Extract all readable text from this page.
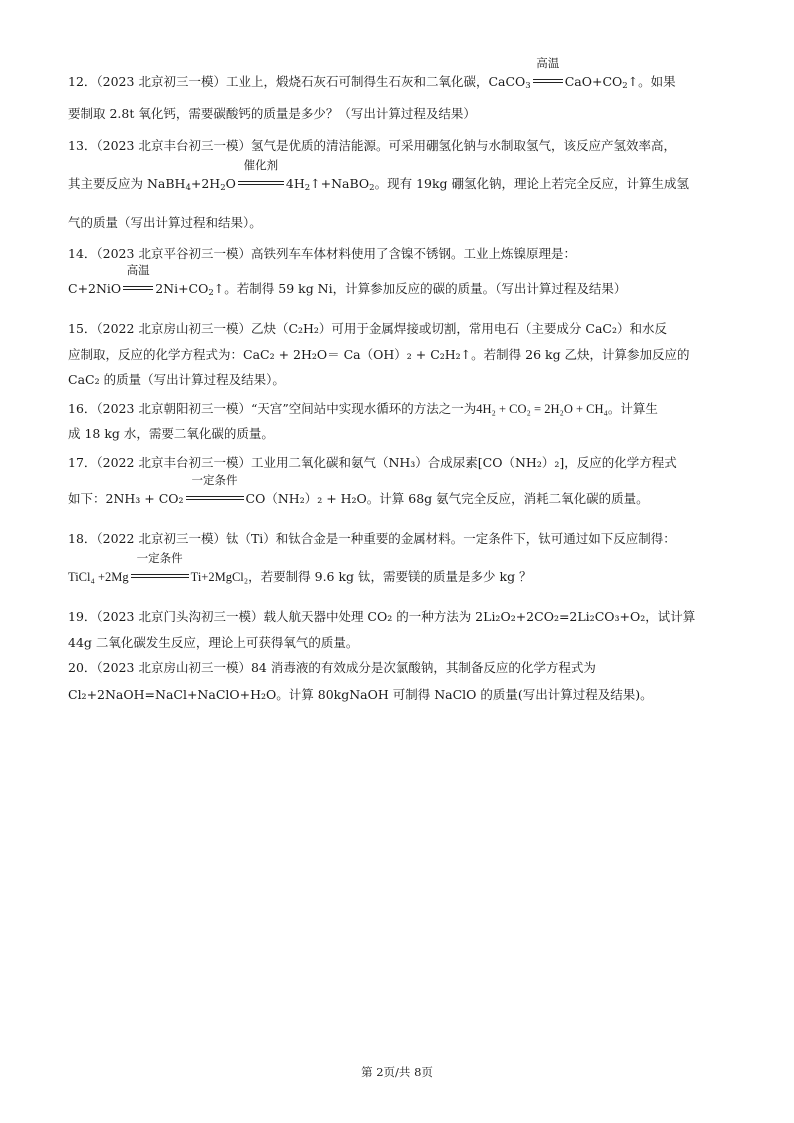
12．（2023 北京初三一模）工业上，煅烧石灰石可制得生石灰和二氧化碳，CaCO$_3$
高温
$CaO+CO_2↑$。如果
要制取 2.8t 氧化钙，需要碳酸钙的质量是多少？（写出计算过程及结果）
13．（2023 北京丰台初三一模）氢气是优质的清洁能源。可采用硼氢化钠与水制取氢气，该反应产氢效率高，
其主要反应为 $NaBH_4+2H_2O$
催化剂
$4H_2↑+NaBO_2$。现有 19kg 硼氢化钠，理论上若完全反应，计算生成氢
气的质量（写出计算过程和结果）。
14．（2023 北京平谷初三一模）高铁列车车体材料使用了含镍不锈钢。工业上炼镍原理是：
C+2NiO
高温
$2Ni+CO_2↑$。若制得 59 kg Ni，计算参加反应的碳的质量。（写出计算过程及结果）
15．（2022 北京房山初三一模）乙炔（C₂H₂）可用于金属焊接或切割，常用电石（主要成分 CaC₂）和水反
应制取，反应的化学方程式为：CaC₂ + 2H₂O＝ Ca（OH）₂ + C₂H₂↑。若制得 26 kg 乙炔，计算参加反应的
CaC₂ 的质量（写出计算过程及结果）。
16．（2023 北京朝阳初三一模）“天宫”空间站中实现水循环的方法之一为4H₂ + CO₂ = 2H₂O + CH₄。计算生
成 18 kg 水，需要二氧化碳的质量。
17．（2022 北京丰台初三一模）工业用二氧化碳和氨气（NH₃）合成尿素[CO（NH₂）₂]，反应的化学方程式
如下：2NH₃ + CO₂
一定条件
CO（NH₂）₂ + H₂O。计算 68g 氨气完全反应，消耗二氧化碳的质量。
18．（2022 北京初三一模）钛（Ti）和钛合金是一种重要的金属材料。一定条件下，钛可通过如下反应制得：
TiCl₄ +2Mg
一定条件
Ti+2MgCl₂，若要制得 9.6 kg 钛，需要镁的质量是多少 kg ？
19．（2023 北京门头沟初三一模）载人航天器中处理 CO₂ 的一种方法为 2Li₂O₂+2CO₂=2Li₂CO₃+O₂，试计算
44g 二氧化碳发生反应，理论上可获得氧气的质量。
20．（2023 北京房山初三一模）84 消毒液的有效成分是次氯酸钠，其制备反应的化学方程式为
Cl₂+2NaOH=NaCl+NaClO+H₂O。计算 80kgNaOH 可制得 NaClO 的质量(写出计算过程及结果)。
第 2页/共 8页
